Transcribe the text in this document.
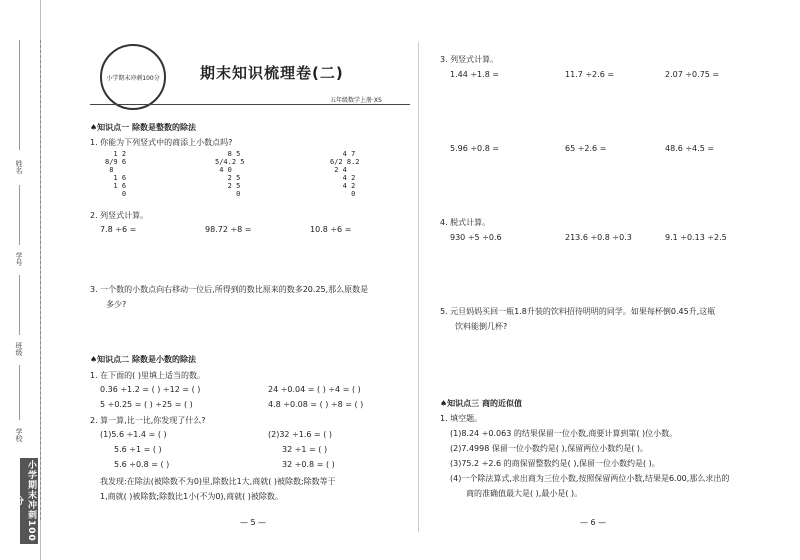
姓名
学号
班级
学校
小学期末冲刺100分
小学期末冲刺100分	期末知识梳理卷(二)
五年级数学上册·XS
♠知识点一 除数是整数的除法
1. 你能为下列竖式中的商添上小数点吗?
1 2
8/9 6
8
1 6
1 6
0
8 5
5/4.2 5
4 0
2 5
2 5
0
4 7
6/2 8.2
2 4
4 2
4 2
0
2. 列竖式计算。
7.8 ÷6 =	98.72 ÷8 =	10.8 ÷6 =
3. 一个数的小数点向右移动一位后,所得到的数比原来的数多20.25,那么原数是
多少?
♠知识点二 除数是小数的除法
1. 在下面的( )里填上适当的数。
0.36 ÷1.2 = ( ) ÷12 = ( )	24 ÷0.04 = ( ) ÷4 = ( )
5 ÷0.25 = ( ) ÷25 = ( )	4.8 ÷0.08 = ( ) ÷8 = ( )
2. 算一算,比一比,你发现了什么?
(1)5.6 ÷1.4 = ( )	(2)32 ÷1.6 = ( )
5.6 ÷1 = ( )	32 ÷1 = ( )
5.6 ÷0.8 = ( )	32 ÷0.8 = ( )
我发现:在除法(被除数不为0)里,除数比1大,商就( )被除数;除数等于
1,商就( )被除数;除数比1小(不为0),商就( )被除数。
— 5 —
3. 列竖式计算。
1.44 ÷1.8 =	11.7 ÷2.6 =	2.07 ÷0.75 =
5.96 ÷0.8 =	65 ÷2.6 =	48.6 ÷4.5 =
4. 脱式计算。
930 ÷5 ÷0.6	213.6 ÷0.8 ÷0.3	9.1 ÷0.13 ÷2.5
5. 元旦妈妈买回一瓶1.8升装的饮料招待明明的同学。如果每杯倒0.45升,这瓶
饮料能倒几杯?
♠知识点三 商的近似值
1. 填空题。
(1)8.24 ÷0.063 的结果保留一位小数,商要计算到第( )位小数。
(2)7.4998 保留一位小数约是( ),保留两位小数约是( )。
(3)75.2 ÷2.6 的商保留整数约是( ),保留一位小数约是( )。
(4)一个除法算式,求出商为三位小数,按照保留两位小数,结果是6.00,那么求出的
商的准确值最大是( ),最小是( )。
— 6 —
